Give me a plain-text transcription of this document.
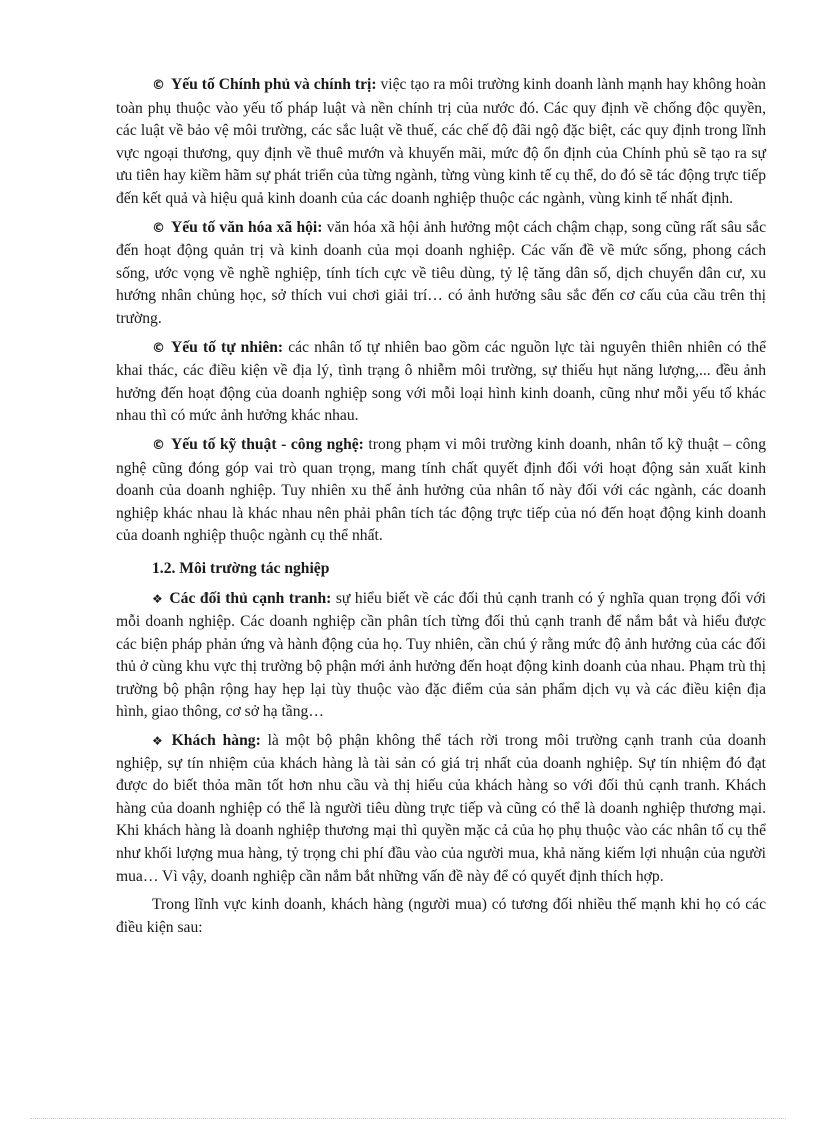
© Yếu tố Chính phủ và chính trị: việc tạo ra môi trường kinh doanh lành mạnh hay không hoàn toàn phụ thuộc vào yếu tố pháp luật và nền chính trị của nước đó. Các quy định về chống độc quyền, các luật về bảo vệ môi trường, các sắc luật về thuế, các chế độ đãi ngộ đặc biệt, các quy định trong lĩnh vực ngoại thương, quy định về thuê mướn và khuyến mãi, mức độ ổn định của Chính phủ sẽ tạo ra sự ưu tiên hay kiềm hãm sự phát triển của từng ngành, từng vùng kinh tế cụ thể, do đó sẽ tác động trực tiếp đến kết quả và hiệu quả kinh doanh của các doanh nghiệp thuộc các ngành, vùng kinh tế nhất định.

© Yếu tố văn hóa xã hội: văn hóa xã hội ảnh hưởng một cách chậm chạp, song cũng rất sâu sắc đến hoạt động quản trị và kinh doanh của mọi doanh nghiệp. Các vấn đề về mức sống, phong cách sống, ước vọng về nghề nghiệp, tính tích cực về tiêu dùng, tỷ lệ tăng dân số, dịch chuyển dân cư, xu hướng nhân chủng học, sở thích vui chơi giải trí… có ảnh hưởng sâu sắc đến cơ cấu của cầu trên thị trường.

© Yếu tố tự nhiên: các nhân tố tự nhiên bao gồm các nguồn lực tài nguyên thiên nhiên có thể khai thác, các điều kiện về địa lý, tình trạng ô nhiễm môi trường, sự thiếu hụt năng lượng,... đều ảnh hưởng đến hoạt động của doanh nghiệp song với mỗi loại hình kinh doanh, cũng như mỗi yếu tố khác nhau thì có mức ảnh hưởng khác nhau.

© Yếu tố kỹ thuật - công nghệ: trong phạm vi môi trường kinh doanh, nhân tố kỹ thuật – công nghệ cũng đóng góp vai trò quan trọng, mang tính chất quyết định đối với hoạt động sản xuất kinh doanh của doanh nghiệp. Tuy nhiên xu thế ảnh hưởng của nhân tố này đối với các ngành, các doanh nghiệp khác nhau là khác nhau nên phải phân tích tác động trực tiếp của nó đến hoạt động kinh doanh của doanh nghiệp thuộc ngành cụ thể nhất.

1.2. Môi trường tác nghiệp

❖ Các đối thủ cạnh tranh: sự hiểu biết về các đối thủ cạnh tranh có ý nghĩa quan trọng đối với mỗi doanh nghiệp. Các doanh nghiệp cần phân tích từng đối thủ cạnh tranh để nắm bắt và hiểu được các biện pháp phản ứng và hành động của họ. Tuy nhiên, cần chú ý rằng mức độ ảnh hưởng của các đối thủ ở cùng khu vực thị trường bộ phận mới ảnh hưởng đến hoạt động kinh doanh của nhau. Phạm trù thị trường bộ phận rộng hay hẹp lại tùy thuộc vào đặc điểm của sản phẩm dịch vụ và các điều kiện địa hình, giao thông, cơ sở hạ tầng…

❖ Khách hàng: là một bộ phận không thể tách rời trong môi trường cạnh tranh của doanh nghiệp, sự tín nhiệm của khách hàng là tài sản có giá trị nhất của doanh nghiệp. Sự tín nhiệm đó đạt được do biết thỏa mãn tốt hơn nhu cầu và thị hiếu của khách hàng so với đối thủ cạnh tranh. Khách hàng của doanh nghiệp có thể là người tiêu dùng trực tiếp và cũng có thể là doanh nghiệp thương mại. Khi khách hàng là doanh nghiệp thương mại thì quyền mặc cả của họ phụ thuộc vào các nhân tố cụ thể như khối lượng mua hàng, tỷ trọng chi phí đầu vào của người mua, khả năng kiếm lợi nhuận của người mua… Vì vậy, doanh nghiệp cần nắm bắt những vấn đề này để có quyết định thích hợp.

Trong lĩnh vực kinh doanh, khách hàng (người mua) có tương đối nhiều thế mạnh khi họ có các điều kiện sau:
